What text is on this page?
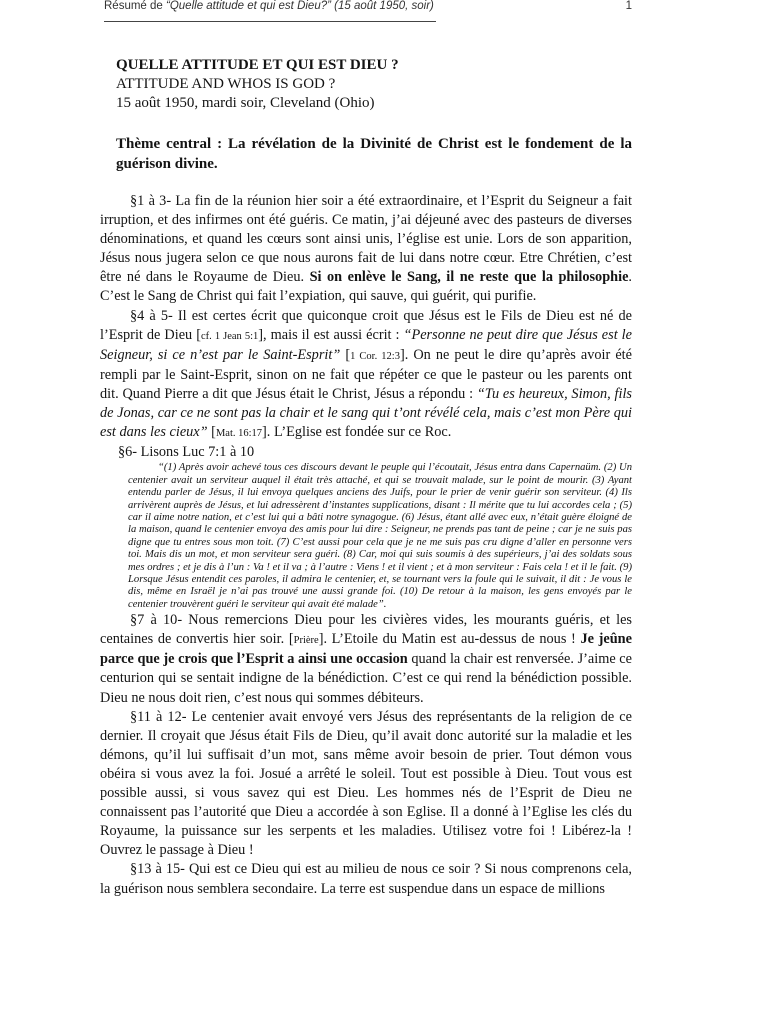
Résumé de “Quelle attitude et qui est Dieu?” (15 août 1950, soir)	1
QUELLE ATTITUDE ET QUI EST DIEU ?
ATTITUDE AND WHOS IS GOD ?
15 août 1950, mardi soir, Cleveland (Ohio)
Thème central : La révélation de la Divinité de Christ est le fondement de la guérison divine.

§1 à 3- La fin de la réunion hier soir a été extraordinaire, et l’Esprit du Seigneur a fait irruption, et des infirmes ont été guéris. Ce matin, j’ai déjeuné avec des pasteurs de diverses dénominations, et quand les cœurs sont ainsi unis, l’église est unie. Lors de son apparition, Jésus nous jugera selon ce que nous aurons fait de lui dans notre cœur. Etre Chrétien, c’est être né dans le Royaume de Dieu. Si on enlève le Sang, il ne reste que la philosophie. C’est le Sang de Christ qui fait l’expiation, qui sauve, qui guérit, qui purifie.

§4 à 5- Il est certes écrit que quiconque croit que Jésus est le Fils de Dieu est né de l’Esprit de Dieu [cf. 1 Jean 5:1], mais il est aussi écrit : “Personne ne peut dire que Jésus est le Seigneur, si ce n’est par le Saint-Esprit” [1 Cor. 12:3]. On ne peut le dire qu’après avoir été rempli par le Saint-Esprit, sinon on ne fait que répéter ce que le pasteur ou les parents ont dit. Quand Pierre a dit que Jésus était le Christ, Jésus a répondu : “Tu es heureux, Simon, fils de Jonas, car ce ne sont pas la chair et le sang qui t’ont révélé cela, mais c’est mon Père qui est dans les cieux” [Mat. 16:17]. L’Eglise est fondée sur ce Roc.

§6- Lisons Luc 7:1 à 10

“(1) Après avoir achevé tous ces discours devant le peuple qui l’écoutait, Jésus entra dans Capernaüm. (2) Un centenier avait un serviteur auquel il était très attaché, et qui se trouvait malade, sur le point de mourir. (3) Ayant entendu parler de Jésus, il lui envoya quelques anciens des Juifs, pour le prier de venir guérir son serviteur. (4) Ils arrivèrent auprès de Jésus, et lui adressèrent d’instantes supplications, disant : Il mérite que tu lui accordes cela ; (5) car il aime notre nation, et c’est lui qui a bâti notre synagogue. (6) Jésus, étant allé avec eux, n’était guère éloigné de la maison, quand le centenier envoya des amis pour lui dire : Seigneur, ne prends pas tant de peine ; car je ne suis pas digne que tu entres sous mon toit. (7) C’est aussi pour cela que je ne me suis pas cru digne d’aller en personne vers toi. Mais dis un mot, et mon serviteur sera guéri. (8) Car, moi qui suis soumis à des supérieurs, j’ai des soldats sous mes ordres ; et je dis à l’un : Va ! et il va ; à l’autre : Viens ! et il vient ; et à mon serviteur : Fais cela ! et il le fait. (9) Lorsque Jésus entendit ces paroles, il admira le centenier, et, se tournant vers la foule qui le suivait, il dit : Je vous le dis, même en Israël je n’ai pas trouvé une aussi grande foi. (10) De retour à la maison, les gens envoyés par le centenier trouvèrent guéri le serviteur qui avait été malade”.

§7 à 10- Nous remercions Dieu pour les civières vides, les mourants guéris, et les centaines de convertis hier soir. [Prière]. L’Etoile du Matin est au-dessus de nous ! Je jeûne parce que je crois que l’Esprit a ainsi une occasion quand la chair est renversée. J’aime ce centurion qui se sentait indigne de la bénédiction. C’est ce qui rend la bénédiction possible. Dieu ne nous doit rien, c’est nous qui sommes débiteurs.

§11 à 12- Le centenier avait envoyé vers Jésus des représentants de la religion de ce dernier. Il croyait que Jésus était Fils de Dieu, qu’il avait donc autorité sur la maladie et les démons, qu’il lui suffisait d’un mot, sans même avoir besoin de prier. Tout démon vous obéira si vous avez la foi. Josué a arrêté le soleil. Tout est possible à Dieu. Tout vous est possible aussi, si vous savez qui est Dieu. Les hommes nés de l’Esprit de Dieu ne connaissent pas l’autorité que Dieu a accordée à son Eglise. Il a donné à l’Eglise les clés du Royaume, la puissance sur les serpents et les maladies. Utilisez votre foi ! Libérez-la ! Ouvrez le passage à Dieu !

§13 à 15- Qui est ce Dieu qui est au milieu de nous ce soir ? Si nous comprenons cela, la guérison nous semblera secondaire. La terre est suspendue dans un espace de millions
